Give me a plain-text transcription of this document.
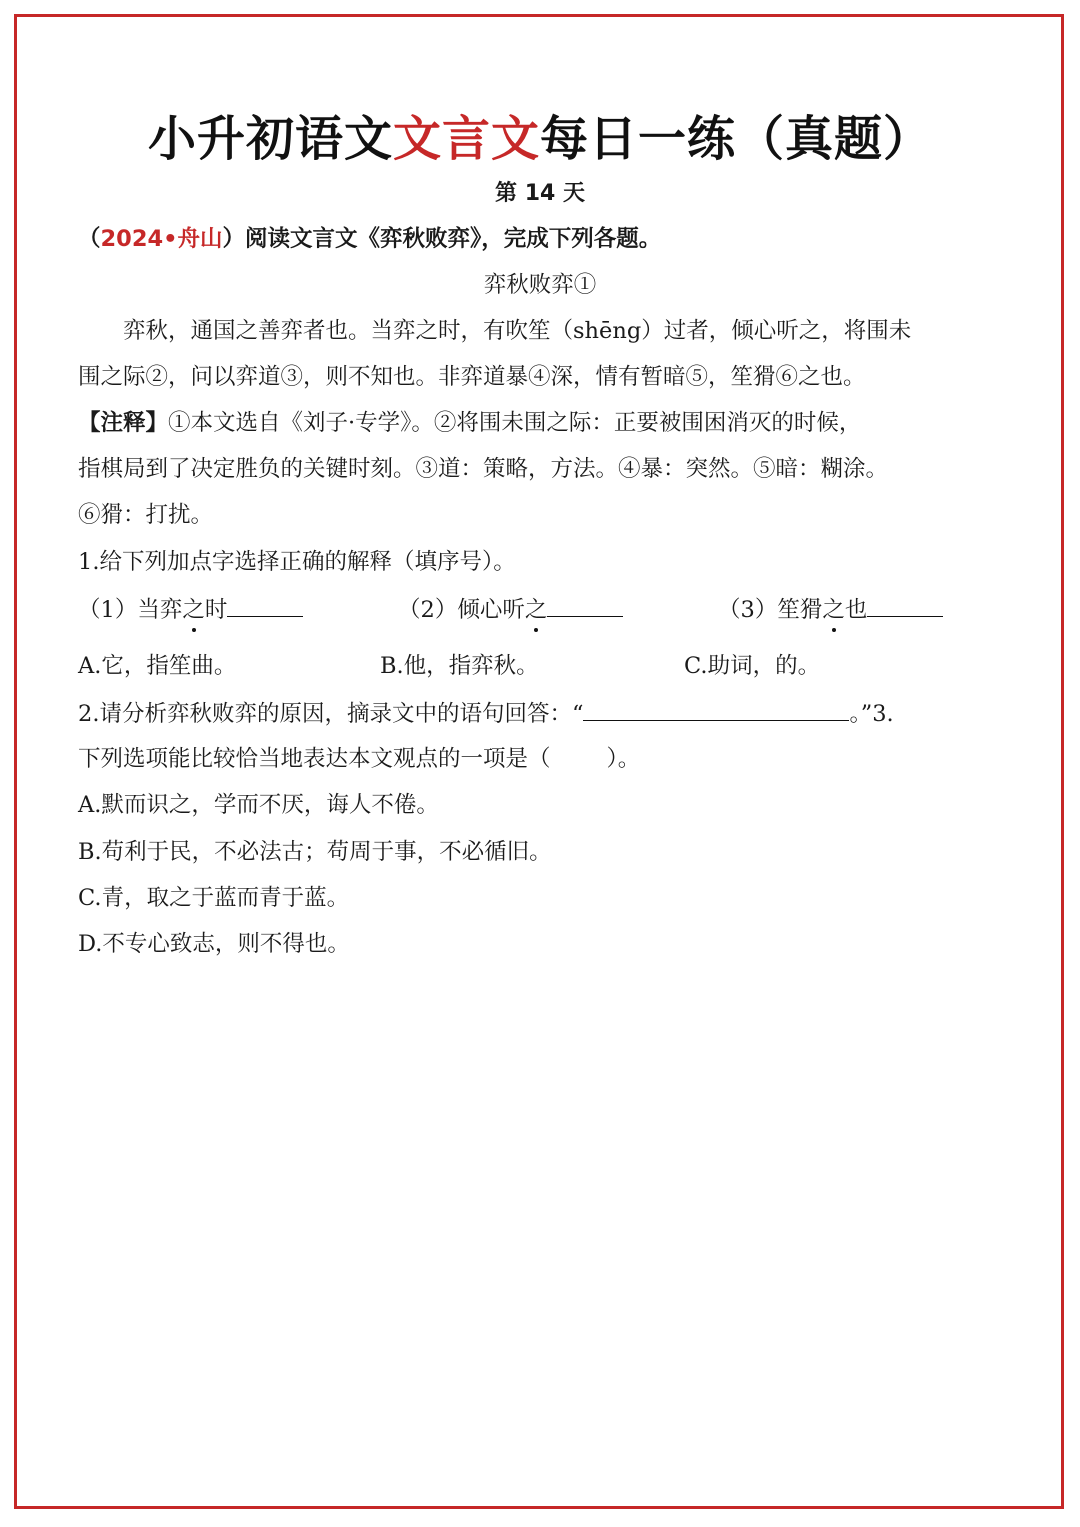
小升初语文文言文每日一练（真题）
第 14 天
（2024•舟山）阅读文言文《弈秋败弈》，完成下列各题。
弈秋败弈①
　　弈秋，通国之善弈者也。当弈之时，有吹笙（shēng）过者，倾心听之，将围未
围之际②，问以弈道③，则不知也。非弈道暴④深，情有暂暗⑤，笙猾⑥之也。
【注释】①本文选自《刘子·专学》。②将围未围之际：正要被围困消灭的时候，
指棋局到了决定胜负的关键时刻。③道：策略，方法。④暴：突然。⑤暗：糊涂。
⑥猾：打扰。
1.给下列加点字选择正确的解释（填序号）。
（1）当弈之时	（2）倾心听之	（3）笙猾之也
A.它，指笙曲。	B.他，指弈秋。	C.助词，的。
2.请分析弈秋败弈的原因，摘录文中的语句回答：“	。”3.
下列选项能比较恰当地表达本文观点的一项是（ ）。
A.默而识之，学而不厌，诲人不倦。
B.苟利于民，不必法古；苟周于事，不必循旧。
C.青，取之于蓝而青于蓝。
D.不专心致志，则不得也。
